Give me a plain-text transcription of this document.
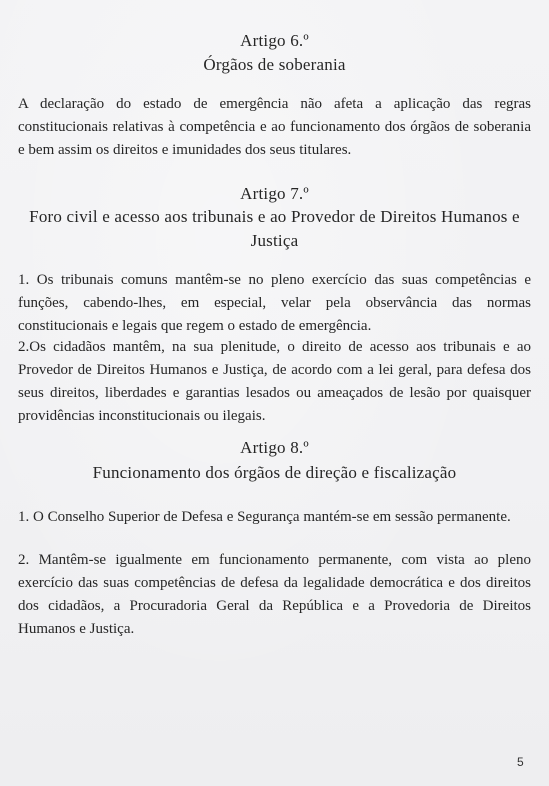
Artigo 6.º
Órgãos de soberania
A declaração do estado de emergência não afeta a aplicação das regras constitucionais relativas à competência e ao funcionamento dos órgãos de soberania e bem assim os direitos e imunidades dos seus titulares.
Artigo 7.º
Foro civil e acesso aos tribunais e ao Provedor de Direitos Humanos e Justiça
1. Os tribunais comuns mantêm-se no pleno exercício das suas competências e funções, cabendo-lhes, em especial, velar pela observância das normas constitucionais e legais que regem o estado de emergência.
2.Os cidadãos mantêm, na sua plenitude, o direito de acesso aos tribunais e ao Provedor de Direitos Humanos e Justiça, de acordo com a lei geral, para defesa dos seus direitos, liberdades e garantias lesados ou ameaçados de lesão por quaisquer providências inconstitucionais ou ilegais.
Artigo 8.º
Funcionamento dos órgãos de direção e fiscalização
1. O Conselho Superior de Defesa e Segurança mantém-se em sessão permanente.
2. Mantêm-se igualmente em funcionamento permanente, com vista ao pleno exercício das suas competências de defesa da legalidade democrática e dos direitos dos cidadãos, a Procuradoria Geral da República e a Provedoria de Direitos Humanos e Justiça.
5
